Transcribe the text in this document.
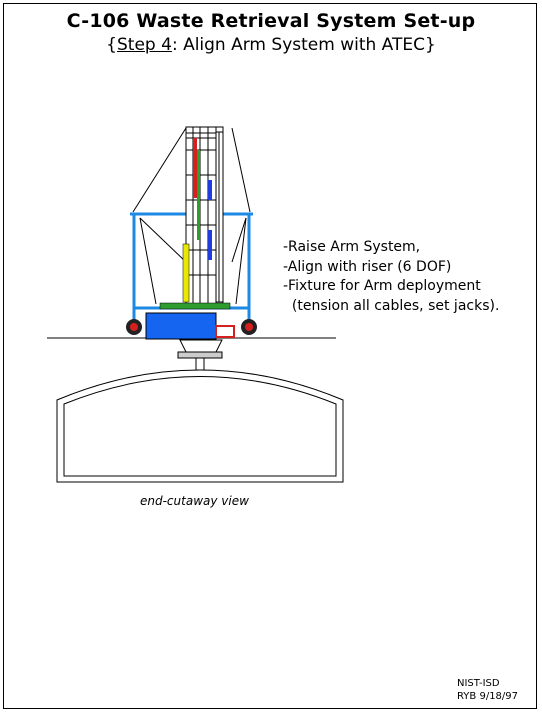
C-106 Waste Retrieval System Set-up
{Step 4: Align Arm System with ATEC}
-Raise Arm System,
-Align with riser (6 DOF)
-Fixture for Arm deployment
(tension all cables, set jacks).
end-cutaway view
NIST-ISD
RYB 9/18/97
